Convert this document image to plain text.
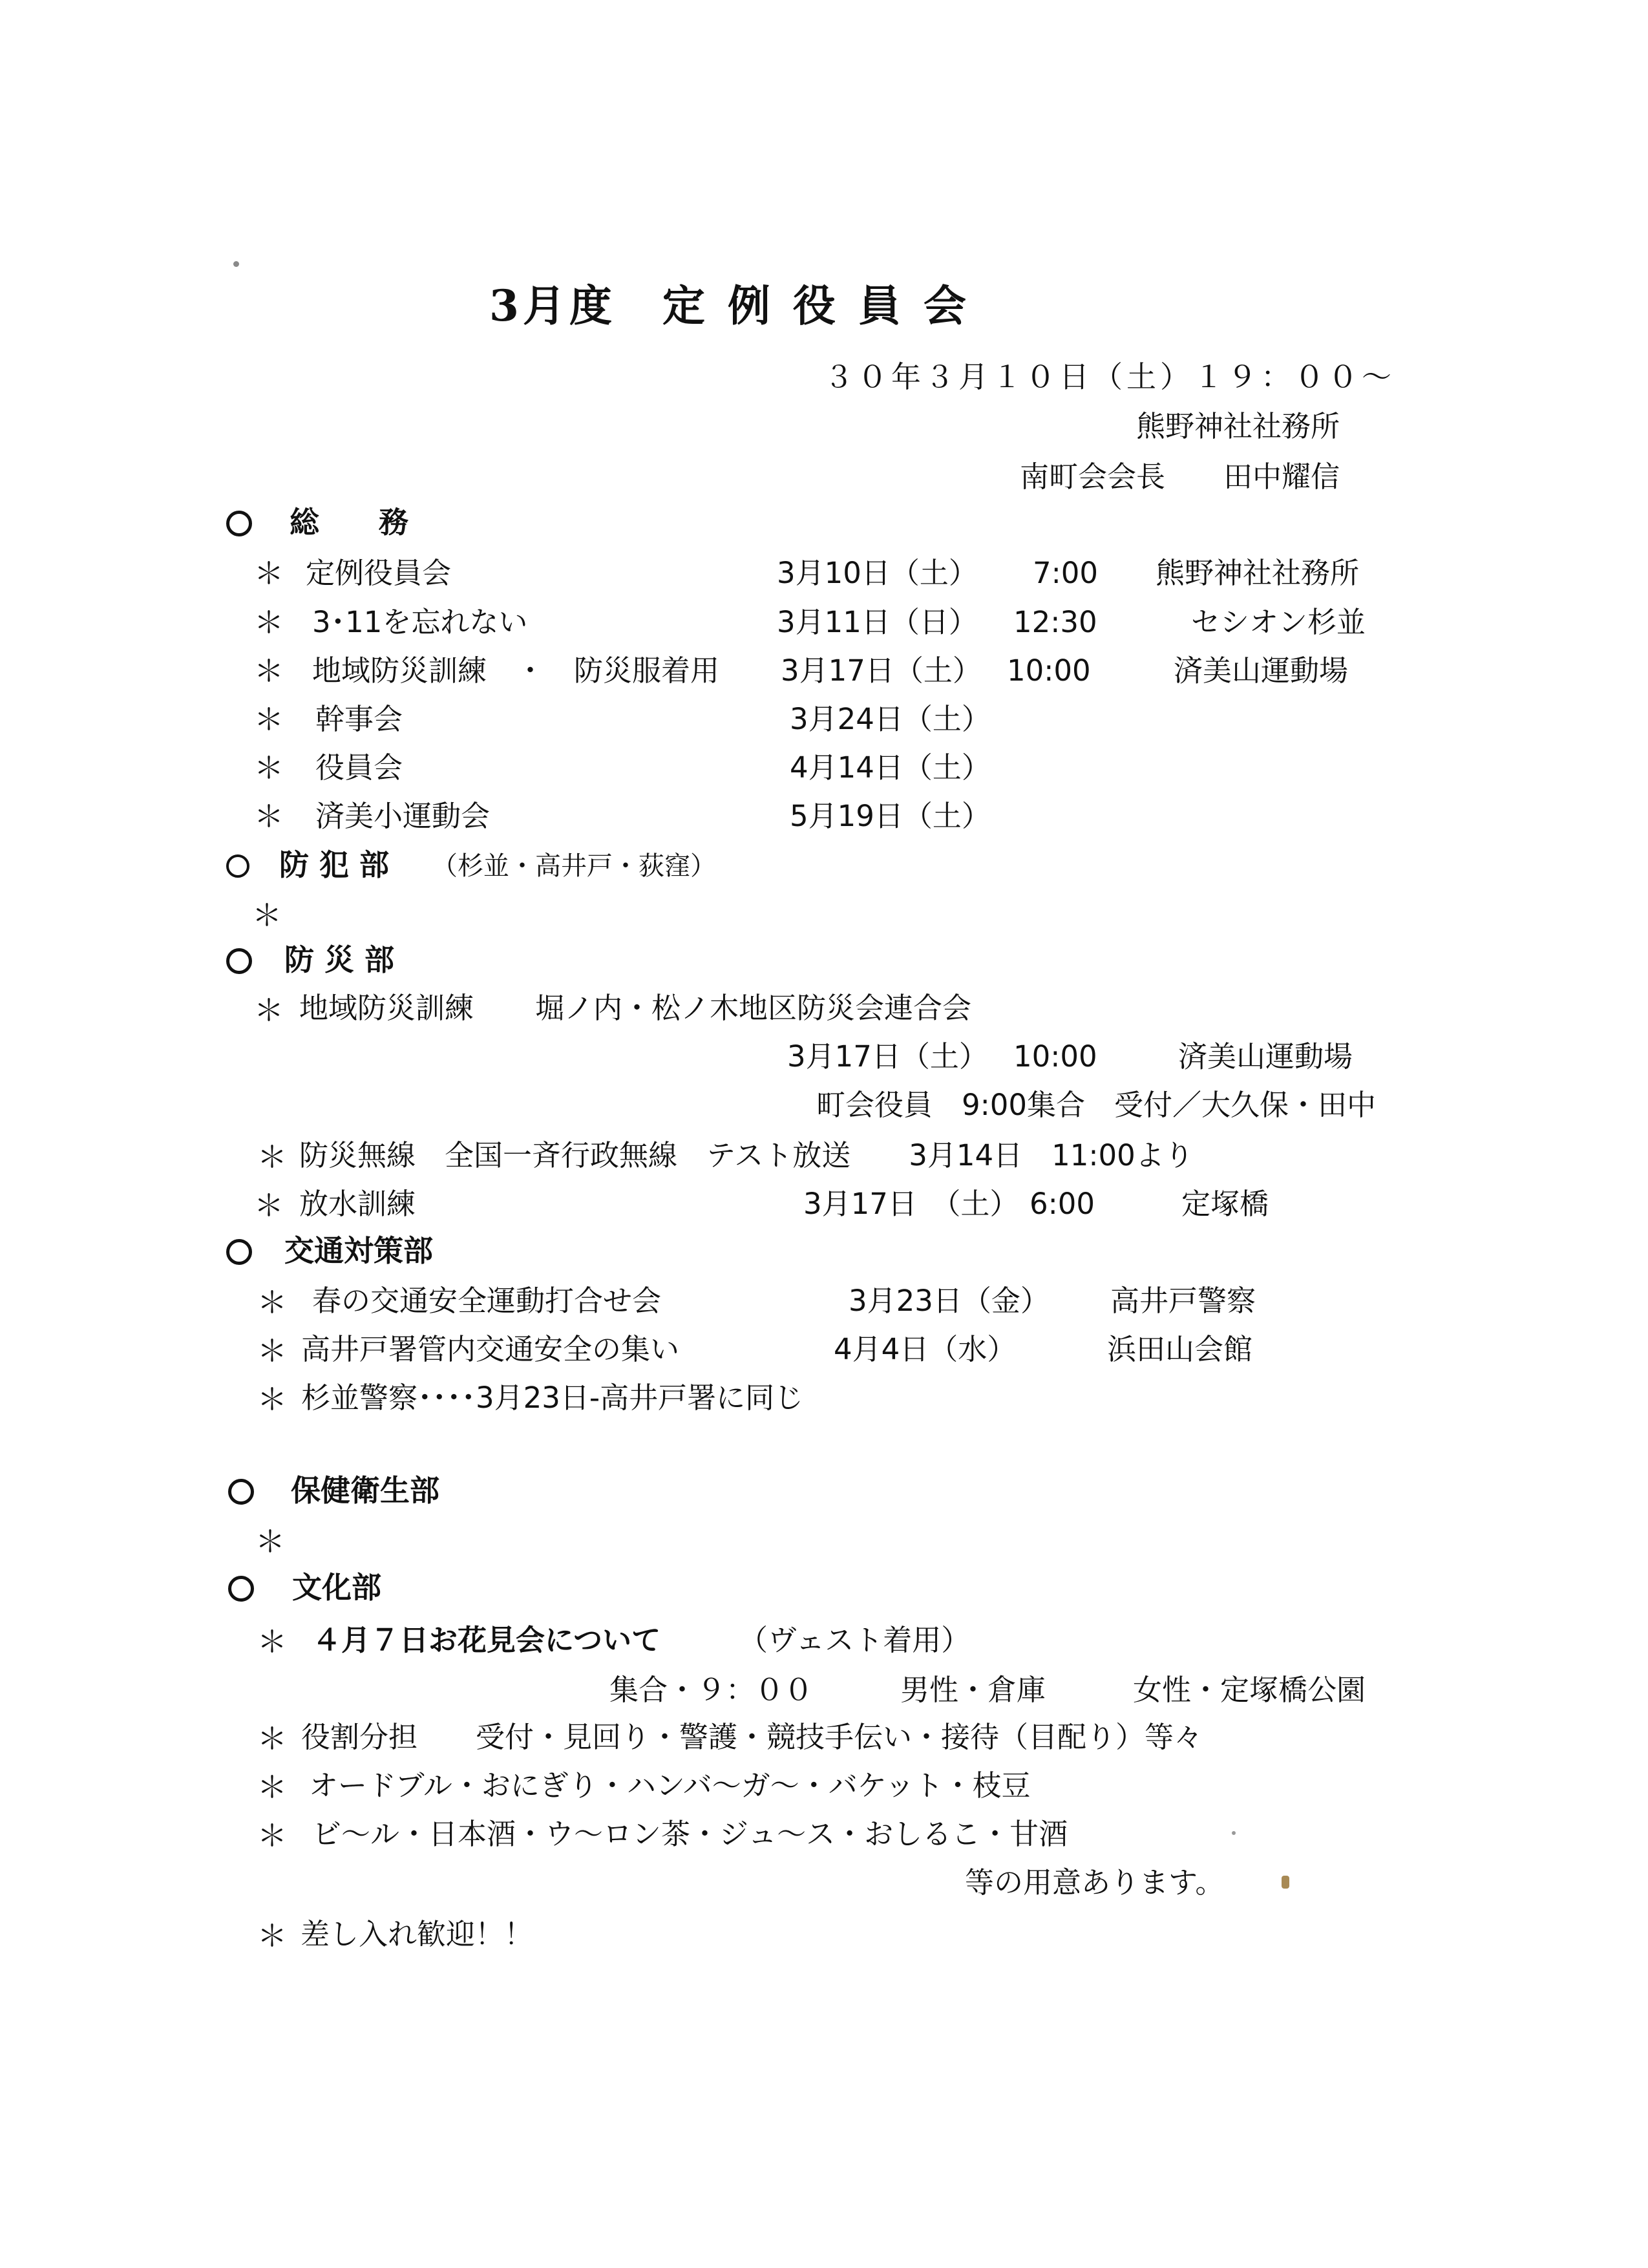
3月度　定 例 役 員 会
３０年３月１０日（土）１９：００～
熊野神社社務所
南町会会長　　田中耀信
総　　務
＊ 定例役員会	3月10日（土） 7:00 熊野神社社務所
＊ 3･11を忘れない	3月11日（日） 12:30	セシオン杉並
＊ 地域防災訓練　・　防災服着用 3月17日（土） 10:00	済美山運動場
＊ 幹事会	3月24日（土）
＊ 役員会	4月14日（土）
＊ 済美小運動会	5月19日（土）
防 犯 部 （杉並・高井戸・荻窪）
＊
防 災 部
＊ 地域防災訓練 堀ノ内・松ノ木地区防災会連合会
3月17日（土） 10:00	済美山運動場
町会役員　9:00集合　受付／大久保・田中
＊ 防災無線　全国一斉行政無線　テスト放送　　3月14日　11:00より
＊ 放水訓練	3月17日　（土） 6:00	定塚橋
交通対策部
＊ 春の交通安全運動打合せ会	3月23日（金） 高井戸警察
＊ 高井戸署管内交通安全の集い	4月4日（水）	浜田山会館
＊ 杉並警察････3月23日-高井戸署に同じ
保健衛生部
＊
文化部
＊ ４月７日お花見会について	（ヴェスト着用）
集合・９：００　　　男性・倉庫　　　女性・定塚橋公園
＊ 役割分担　　受付・見回り・警護・競技手伝い・接待（目配り）等々
＊ オードブル・おにぎり・ハンバ～ガ～・バケット・枝豆
＊ ビ～ル・日本酒・ウ～ロン茶・ジュ～ス・おしるこ・甘酒
等の用意あります。
＊ 差し入れ歓迎！！
